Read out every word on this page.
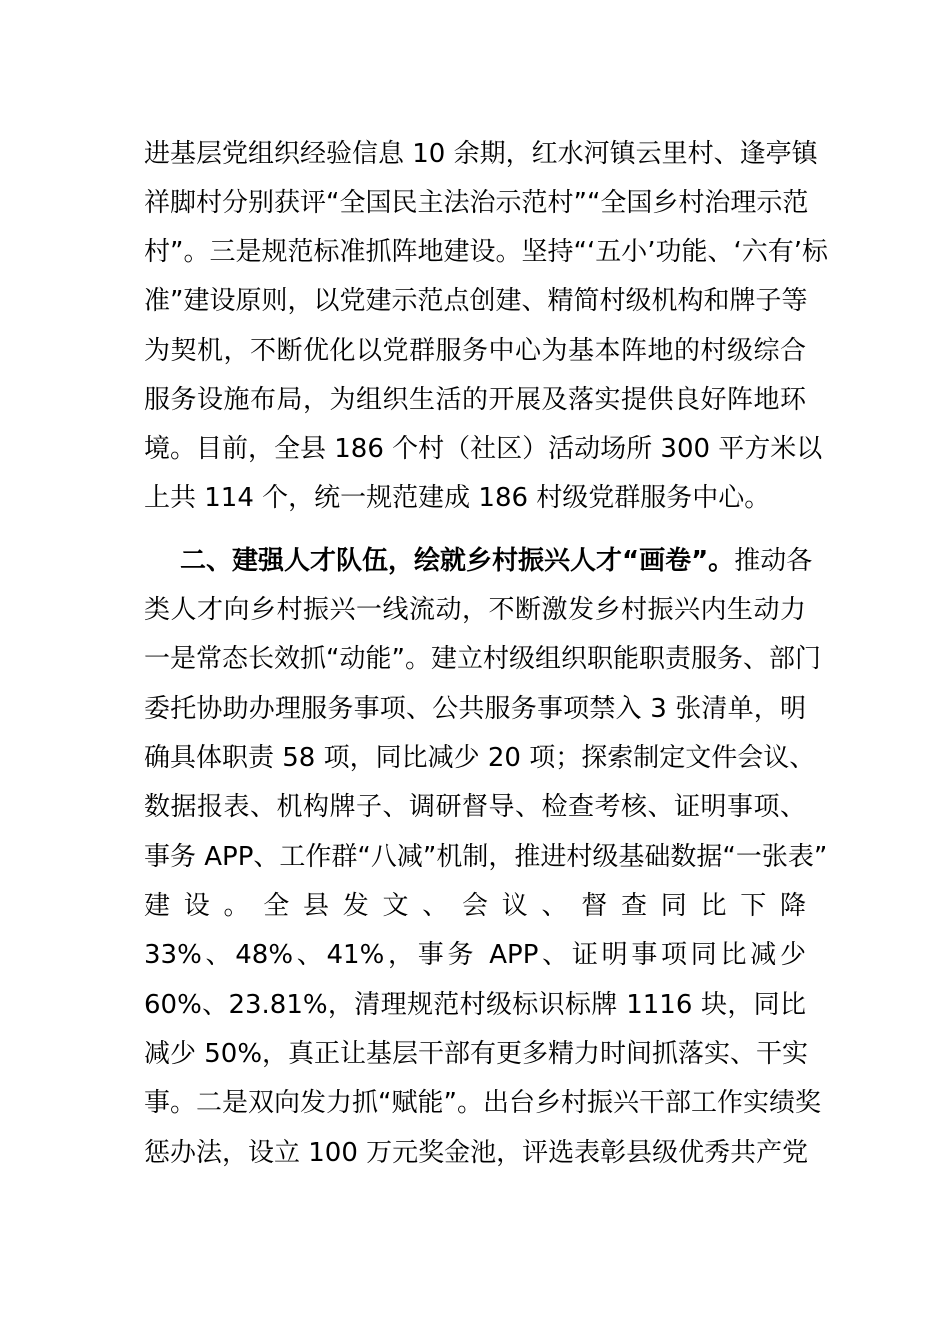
进基层党组织经验信息 10 余期，红水河镇云里村、逢亭镇
祥脚村分别获评“全国民主法治示范村”“全国乡村治理示范
村”。三是规范标准抓阵地建设。坚持“‘五小’功能、‘六有’标
准”建设原则，以党建示范点创建、精简村级机构和牌子等
为契机，不断优化以党群服务中心为基本阵地的村级综合
服务设施布局，为组织生活的开展及落实提供良好阵地环
境。目前，全县 186 个村（社区）活动场所 300 平方米以
上共 114 个，统一规范建成 186 村级党群服务中心。
二、建强人才队伍，绘就乡村振兴人才“画卷”。推动各
类人才向乡村振兴一线流动，不断激发乡村振兴内生动力
一是常态长效抓“动能”。建立村级组织职能职责服务、部门
委托协助办理服务事项、公共服务事项禁入 3 张清单，明
确具体职责 58 项，同比减少 20 项；探索制定文件会议、
数据报表、机构牌子、调研督导、检查考核、证明事项、
事务 APP、工作群“八减”机制，推进村级基础数据“一张表”
建设。全县发文、会议、督查同比下降
33%、48%、41%，事务 APP、证明事项同比减少
60%、23.81%，清理规范村级标识标牌 1116 块，同比
减少 50%，真正让基层干部有更多精力时间抓落实、干实
事。二是双向发力抓“赋能”。出台乡村振兴干部工作实绩奖
惩办法，设立 100 万元奖金池，评选表彰县级优秀共产党
